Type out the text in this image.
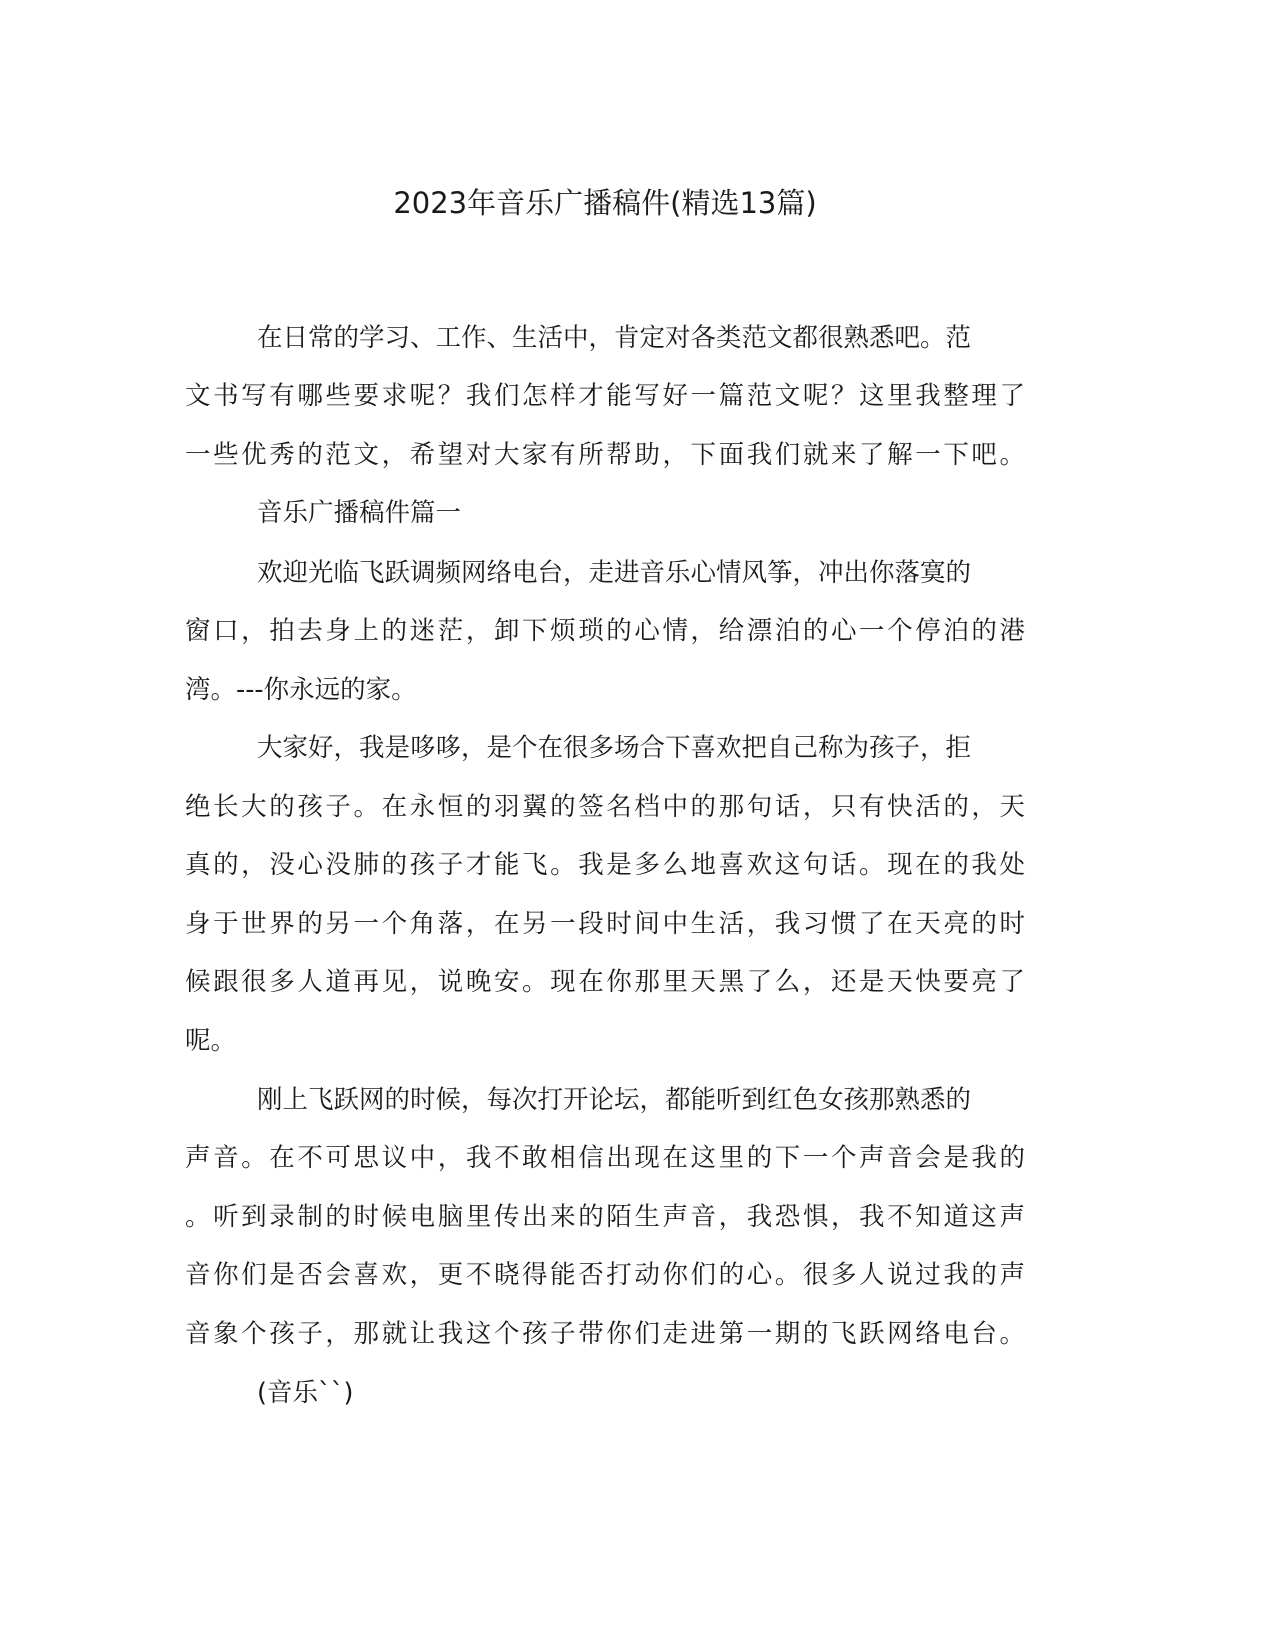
2023年音乐广播稿件(精选13篇)
在日常的学习、工作、生活中，肯定对各类范文都很熟悉吧。范
文书写有哪些要求呢？我们怎样才能写好一篇范文呢？这里我整理了
一些优秀的范文，希望对大家有所帮助，下面我们就来了解一下吧。
音乐广播稿件篇一
欢迎光临飞跃调频网络电台，走进音乐心情风筝，冲出你落寞的
窗口，拍去身上的迷茫，卸下烦琐的心情，给漂泊的心一个停泊的港
湾。---你永远的家。
大家好，我是哆哆，是个在很多场合下喜欢把自己称为孩子，拒
绝长大的孩子。在永恒的羽翼的签名档中的那句话，只有快活的，天
真的，没心没肺的孩子才能飞。我是多么地喜欢这句话。现在的我处
身于世界的另一个角落，在另一段时间中生活，我习惯了在天亮的时
候跟很多人道再见，说晚安。现在你那里天黑了么，还是天快要亮了
呢。
刚上飞跃网的时候，每次打开论坛，都能听到红色女孩那熟悉的
声音。在不可思议中，我不敢相信出现在这里的下一个声音会是我的
。听到录制的时候电脑里传出来的陌生声音，我恐惧，我不知道这声
音你们是否会喜欢，更不晓得能否打动你们的心。很多人说过我的声
音象个孩子，那就让我这个孩子带你们走进第一期的飞跃网络电台。
(音乐``)
